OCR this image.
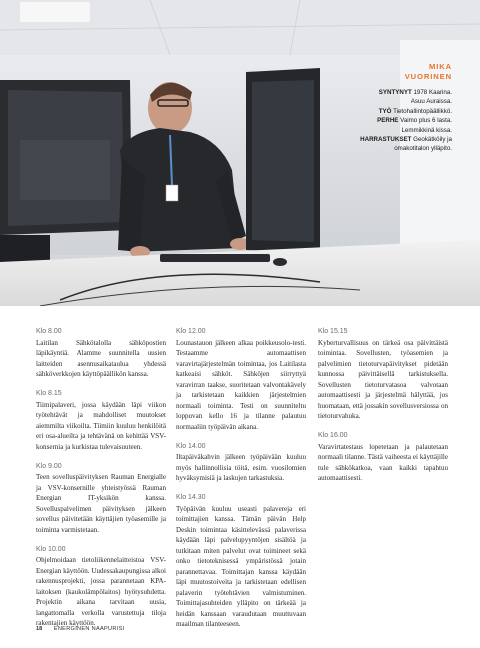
MIKA
VUORINEN
SYNTYNYT 1978 Kaarina.
Asuu Auraissa.
TYÖ Tietohallintopäällikkö.
PERHE Vaimo plus 6 lasta.
Lemmikkinä kissa.
HARRASTUKSET Geokätköily ja
omakotitalon ylläpito.

Klo 8.00
Laitilan Sähkötalolla sähköpostien läpikäyntiä. Alamme suunnitella uusien laitteiden asennusaikataulua yhdessä sähköverkkojen käyttöpäällikön kanssa.

Klo 8.15
Tiimipalaveri, jossa käydään läpi viikon työtehtävät ja mahdolliset muutokset aiemmilta viikoilta. Tiimiin kuuluu henkilöitä eri osa-alueilta ja tehtävänä on kehittää VSV-konsernia ja kurkistaa tulevaisuuteen.

Klo 9.00
Teen sovelluspäivityksen Rauman Energialle ja VSV-konsernille yhteistyössä Rauman Energian IT-yksikön kanssa. Sovelluspalvelimen päivityksen jälkeen sovellus päivitetään käyttäjien työasemille ja toiminta varmistetaan.

Klo 10.00
Ohjelmoidaan tietoliikennelaitteistoa VSV-Energian käyttöön. Uudessakaupungissa alkoi rakennusprojekti, jossa parannetaan KPA-laitoksen (kaukolämpölaitos) hyötysuhdetta. Projektin aikana tarvitaan uusia, langattomalla verkolla varustettuja tiloja rakentajien käyttöön.

Klo 12.00
Lounastauon jälkeen alkaa poikkeusolo-testi. Testaamme automaattisen varavirtajärjestelmän toimintaa, jos Laitilasta katkeaisi sähköt. Sähköjen siirryttyä varavirran taakse, suoritetaan valvontakävely ja tarkistetaan kaikkien järjestelmien normaali toiminta. Testi on suunniteltu loppuvan kello 16 ja tilanne palautuu normaaliin työpäivän aikana.

Klo 14.00
Iltapäiväkahvin jälkeen työpäivään kuuluu myös hallinnollisia töitä, esim. vuosilomien hyväksymisiä ja laskujen tarkastuksia.

Klo 14.30
Työpäivän kuuluu useasti palavereja eri toimittajien kanssa. Tämän päivän Help Deskin toimintaa käsittelevässä palaverissa käydään läpi palvelupyyntöjen sisältöä ja tutkitaan miten palvelut ovat toimineet sekä onko tietoteknisessä ympäristössä jotain parannettavaa. Toimittajan kanssa käydään läpi muutostoiveita ja tarkistetaan edellisen palaverin työtehtävien valmistuminen. Toimittajasuhteiden ylläpito on tärkeää ja heidän kanssaan varaudutaan muuttuvaan maailman tilanteeseen.

Klo 15.15
Kyberturvallisuus on tärkeä osa päivittäistä toimintaa. Sovellusten, työasemien ja palvelimien tietoturvapäivitykset pidetään kunnossa päivittäisellä tarkistuksella. Sovellusten tietoturvatasoa valvotaan automaattisesti ja järjestelmä hälyttää, jos huomataan, että jossakin sovellusversiossa on tietoturvahuka.

Klo 16.00
Varavirtatestaus lopetetaan ja palautetaan normaali tilanne. Tästä vaiheesta ei käyttäjille tule sähkökatkoa, vaan kaikki tapahtuu automaattisesti.

18 ENERGINEN NAAPURISI
